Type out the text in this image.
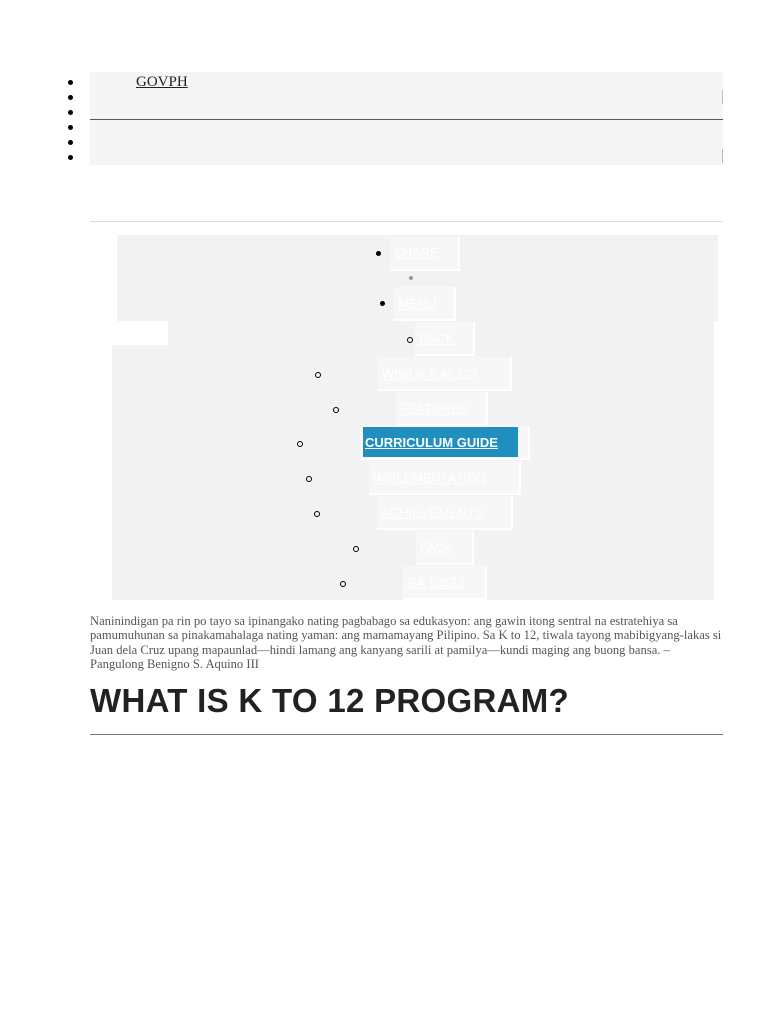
GOVPH
SHARE
MENU
BACK
What is K to 12?
FEATURES
CURRICULUM GUIDE
IMPLEMENTATION
ACHIEVEMENTS
FAQs
RA 10533

Naninindigan pa rin po tayo sa ipinangako nating pagbabago sa edukasyon: ang gawin itong sentral na estratehiya sa pamumuhunan sa pinakamahalaga nating yaman: ang mamamayang Pilipino. Sa K to 12, tiwala tayong mabibigyang-lakas si Juan dela Cruz upang mapaunlad—hindi lamang ang kanyang sarili at pamilya—kundi maging ang buong bansa. – Pangulong Benigno S. Aquino III

WHAT IS K TO 12 PROGRAM?
